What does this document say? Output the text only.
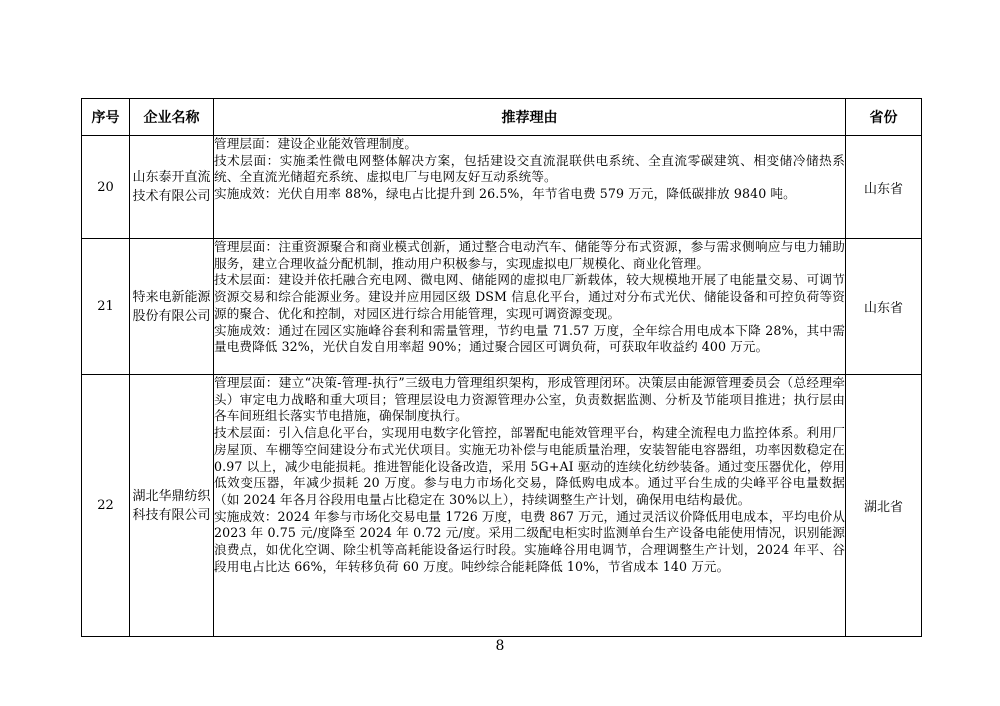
序号	企业名称	推荐理由	省份
20	山东泰开直流技术有限公司	管理层面：建设企业能效管理制度。

技术层面：实施柔性微电网整体解决方案，包括建设交直流混联供电系统、全直流零碳建筑、相变储冷储热系统、全直流光储超充系统、虚拟电厂与电网友好互动系统等。

实施成效：光伏自用率 88%，绿电占比提升到 26.5%，年节省电费 579 万元，降低碳排放 9840 吨。	山东省
21	特来电新能源股份有限公司	管理层面：注重资源聚合和商业模式创新，通过整合电动汽车、储能等分布式资源，参与需求侧响应与电力辅助服务，建立合理收益分配机制，推动用户积极参与，实现虚拟电厂规模化、商业化管理。

技术层面：建设并依托融合充电网、微电网、储能网的虚拟电厂新载体，较大规模地开展了电能量交易、可调节资源交易和综合能源业务。建设并应用园区级 DSM 信息化平台，通过对分布式光伏、储能设备和可控负荷等资源的聚合、优化和控制，对园区进行综合用能管理，实现可调资源变现。

实施成效：通过在园区实施峰谷套利和需量管理，节约电量 71.57 万度，全年综合用电成本下降 28%，其中需量电费降低 32%，光伏自发自用率超 90%；通过聚合园区可调负荷，可获取年收益约 400 万元。	山东省
22	湖北华鼎纺织科技有限公司	管理层面：建立“决策-管理-执行”三级电力管理组织架构，形成管理闭环。决策层由能源管理委员会（总经理牵头）审定电力战略和重大项目；管理层设电力资源管理办公室，负责数据监测、分析及节能项目推进；执行层由各车间班组长落实节电措施，确保制度执行。

技术层面：引入信息化平台，实现用电数字化管控，部署配电能效管理平台，构建全流程电力监控体系。利用厂房屋顶、车棚等空间建设分布式光伏项目。实施无功补偿与电能质量治理，安装智能电容器组，功率因数稳定在 0.97 以上，减少电能损耗。推进智能化设备改造，采用 5G+AI 驱动的连续化纺纱装备。通过变压器优化，停用低效变压器，年减少损耗 20 万度。参与电力市场化交易，降低购电成本。通过平台生成的尖峰平谷电量数据（如 2024 年各月谷段用电量占比稳定在 30%以上），持续调整生产计划，确保用电结构最优。

实施成效：2024 年参与市场化交易电量 1726 万度，电费 867 万元，通过灵活议价降低用电成本，平均电价从 2023 年 0.75 元/度降至 2024 年 0.72 元/度。采用二级配电柜实时监测单台生产设备电能使用情况，识别能源浪费点，如优化空调、除尘机等高耗能设备运行时段。实施峰谷用电调节，合理调整生产计划，2024 年平、谷段用电占比达 66%，年转移负荷 60 万度。吨纱综合能耗降低 10%，节省成本 140 万元。	湖北省
8
